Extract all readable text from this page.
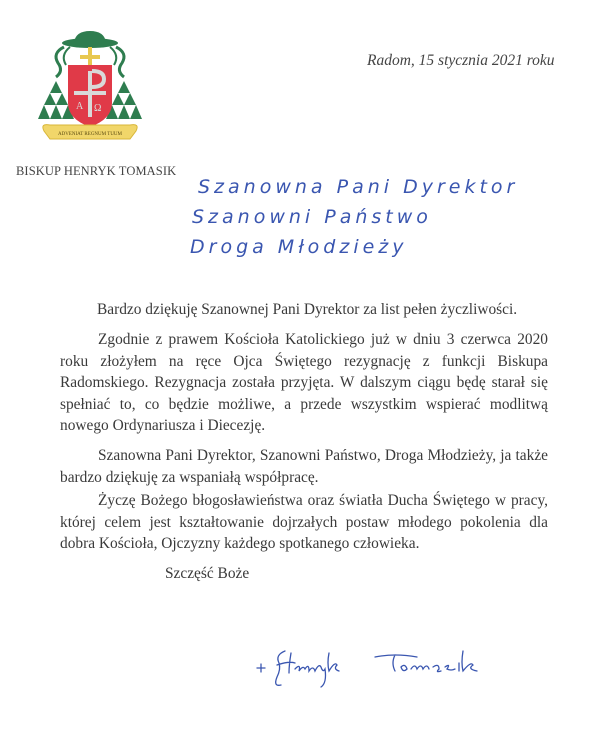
A Ω
ADVENIAT REGNUM TUUM
BISKUP HENRYK TOMASIK
Radom, 15 stycznia 2021 roku
Szanowna Pani Dyrektor
Szanowni Państwo
Droga Młodzieży

Bardzo dziękuję Szanownej Pani Dyrektor za list pełen życzliwości.

Zgodnie z prawem Kościoła Katolickiego już w dniu 3 czerwca 2020 roku złożyłem na ręce Ojca Świętego rezygnację z funkcji Biskupa Radomskiego. Rezygnacja została przyjęta. W dalszym ciągu będę starał się spełniać to, co będzie możliwe, a przede wszystkim wspierać modlitwą nowego Ordynariusza i Diecezję.

Szanowna Pani Dyrektor, Szanowni Państwo, Droga Młodzieży, ja także bardzo dziękuję za wspaniałą współpracę.

Życzę Bożego błogosławieństwa oraz światła Ducha Świętego w pracy, której celem jest kształtowanie dojrzałych postaw młodego pokolenia dla dobra Kościoła, Ojczyzny każdego spotkanego człowieka.

Szczęść Boże
